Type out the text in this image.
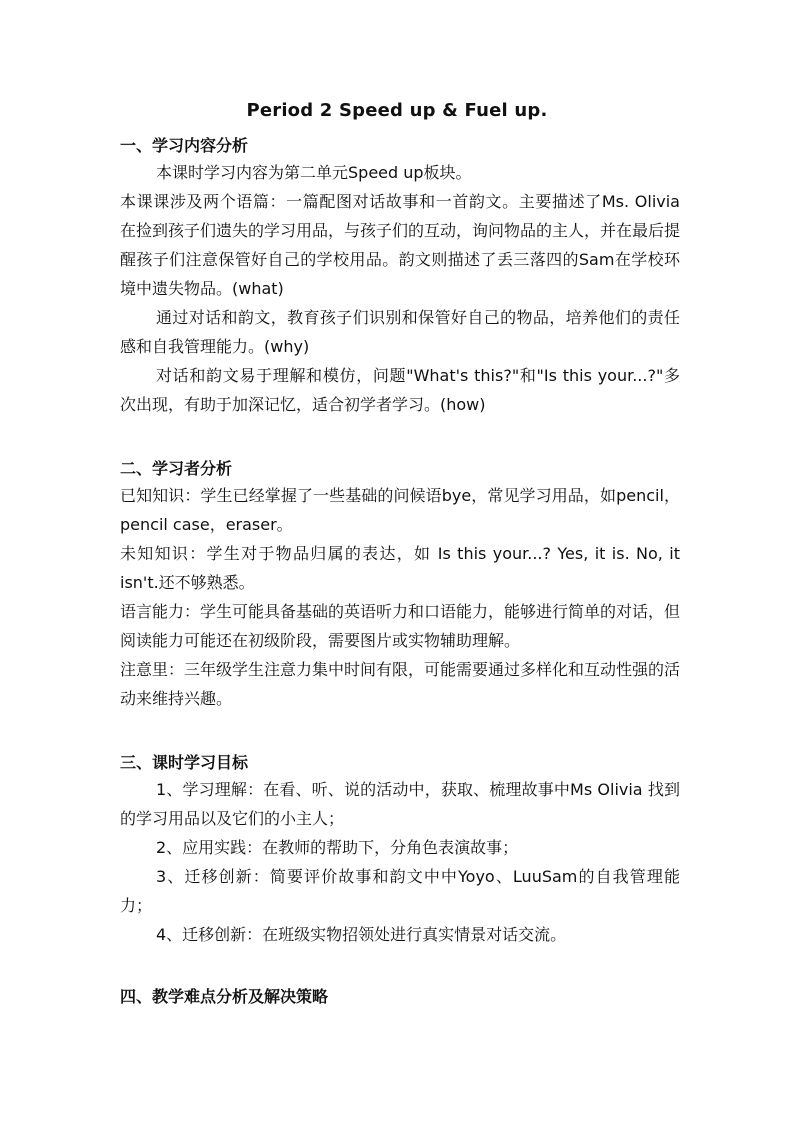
Period 2 Speed up & Fuel up.
一、学习内容分析
本课时学习内容为第二单元Speed up板块。
本课课涉及两个语篇：一篇配图对话故事和一首韵文。主要描述了Ms. Olivia 在捡到孩子们遗失的学习用品，与孩子们的互动，询问物品的主人，并在最后提醒孩子们注意保管好自己的学校用品。韵文则描述了丢三落四的Sam在学校环境中遗失物品。(what)
通过对话和韵文，教育孩子们识别和保管好自己的物品，培养他们的责任感和自我管理能力。(why)
对话和韵文易于理解和模仿，问题"What's this?"和"Is this your...?"多次出现，有助于加深记忆，适合初学者学习。(how)
二、学习者分析
已知知识：学生已经掌握了一些基础的问候语bye，常见学习用品，如pencil，pencil case，eraser。
未知知识：学生对于物品归属的表达，如 Is this your...? Yes, it is. No, it isn't.还不够熟悉。
语言能力：学生可能具备基础的英语听力和口语能力，能够进行简单的对话，但阅读能力可能还在初级阶段，需要图片或实物辅助理解。
注意里：三年级学生注意力集中时间有限，可能需要通过多样化和互动性强的活动来维持兴趣。
三、课时学习目标
1、学习理解：在看、听、说的活动中，获取、梳理故事中Ms Olivia 找到的学习用品以及它们的小主人；
2、应用实践：在教师的帮助下，分角色表演故事；
3、迁移创新：简要评价故事和韵文中中Yoyo、LuuSam的自我管理能力；
4、迁移创新：在班级实物招领处进行真实情景对话交流。
四、教学难点分析及解决策略
